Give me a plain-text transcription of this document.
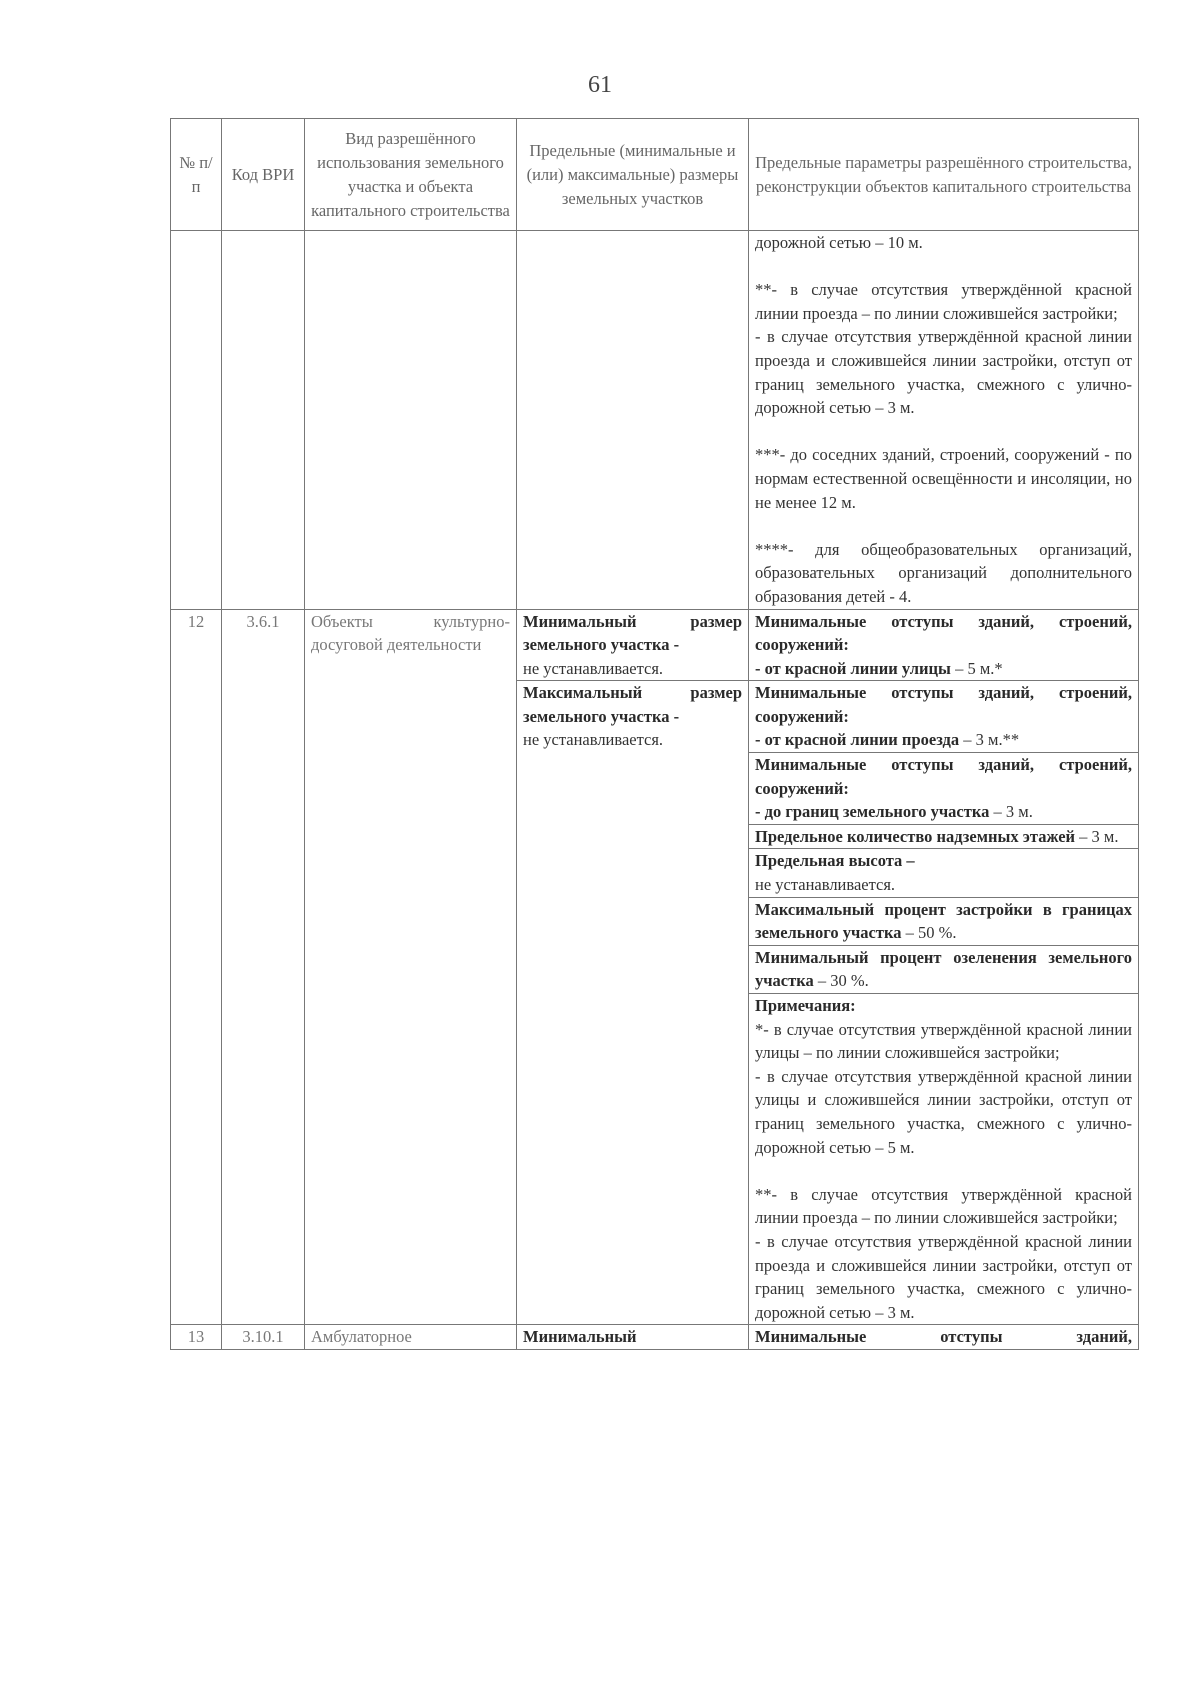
61
№ п/п	Код ВРИ	Вид разрешённого использования земельного участка и объекта капитального строительства	Предельные (минимальные и (или) максимальные) размеры земельных участков	Предельные параметры разрешённого строительства, реконструкции объектов капитального строительства

				дорожной сетью – 10 м.
**- в случае отсутствия утверждённой красной линии проезда – по линии сложившейся застройки;
- в случае отсутствия утверждённой красной линии проезда и сложившейся линии застройки, отступ от границ земельного участка, смежного с улично-дорожной сетью – 3 м.
***- до соседних зданий, строений, сооружений - по нормам естественной освещённости и инсоляции, но не менее 12 м.
****- для общеобразовательных организаций, образовательных организаций дополнительного образования детей - 4.

12	3.6.1	Объекты культурно-досуговой деятельности	Минимальный размер земельного участка -
не устанавливается.	Минимальные отступы зданий, строений, сооружений:
- от красной линии улицы – 5 м.*

			Максимальный размер земельного участка -
не устанавливается.	Минимальные отступы зданий, строений, сооружений:
- от красной линии проезда – 3 м.**

				Минимальные отступы зданий, строений, сооружений:
- до границ земельного участка – 3 м.

				Предельное количество надземных этажей – 3 м.
				Предельная высота –
не устанавливается.

				Максимальный процент застройки в границах земельного участка – 50 %.
				Минимальный процент озеленения земельного участка – 30 %.

				Примечания:
*- в случае отсутствия утверждённой красной линии улицы – по линии сложившейся застройки;
- в случае отсутствия утверждённой красной линии улицы и сложившейся линии застройки, отступ от границ земельного участка, смежного с улично-дорожной сетью – 5 м.
**- в случае отсутствия утверждённой красной линии проезда – по линии сложившейся застройки;
- в случае отсутствия утверждённой красной линии проезда и сложившейся линии застройки, отступ от границ земельного участка, смежного с улично-дорожной сетью – 3 м.

13	3.10.1	Амбулаторное	Минимальный	Минимальные отступы зданий,
